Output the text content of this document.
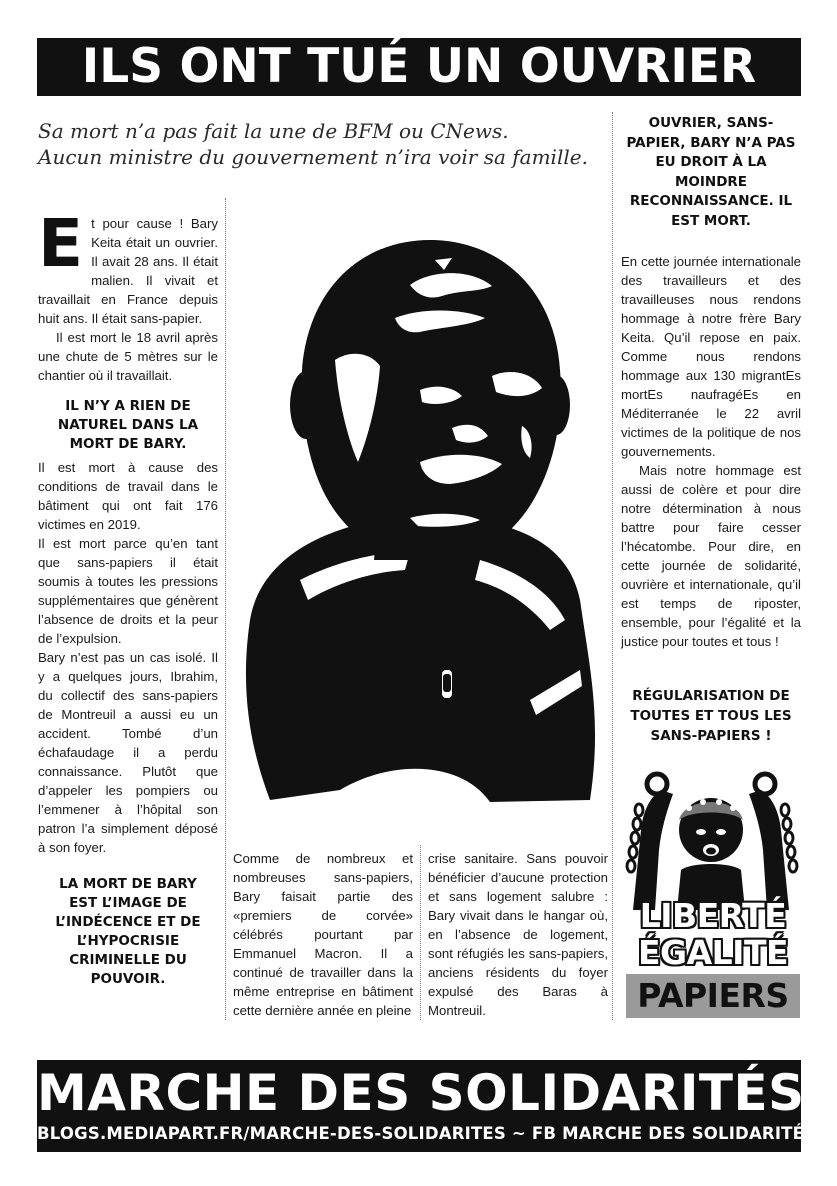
ILS ONT TUÉ UN OUVRIER
Sa mort n’a pas fait la une de BFM ou CNews.
Aucun ministre du gouvernement n’ira voir sa famille.

E t pour cause ! Bary Keita était un ouvrier. Il avait 28 ans. Il était malien. Il vivait et travaillait en France depuis huit ans. Il était sans-papier.

Il est mort le 18 avril après une chute de 5 mètres sur le chantier où il travaillait.

IL N’Y A RIEN DE NATUREL DANS LA MORT DE BARY.

Il est mort à cause des conditions de travail dans le bâtiment qui ont fait 176 victimes en 2019.

Il est mort parce qu’en tant que sans-papiers il était soumis à toutes les pressions supplémentaires que génèrent l’absence de droits et la peur de l’expulsion.

Bary n’est pas un cas isolé. Il y a quelques jours, Ibrahim, du collectif des sans-papiers de Montreuil a aussi eu un accident. Tombé d’un échafaudage il a perdu connaissance. Plutôt que d’appeler les pompiers ou l’emmener à l’hôpital son patron l’a simplement déposé à son foyer.

LA MORT DE BARY EST L’IMAGE DE L’INDÉCENCE ET DE L’HYPOCRISIE CRIMINELLE DU POUVOIR.

Comme de nombreux et nombreuses sans-papiers, Bary faisait partie des «premiers de corvée» célébrés pourtant par Emmanuel Macron. Il a continué de travailler dans la même entreprise en bâtiment cette dernière année en pleine

crise sanitaire. Sans pouvoir bénéficier d’aucune protection et sans logement salubre : Bary vivait dans le hangar où, en l’absence de logement, sont réfugiés les sans-papiers, anciens résidents du foyer expulsé des Baras à Montreuil.

OUVRIER, SANS-PAPIER, BARY N’A PAS EU DROIT À LA MOINDRE RECONNAISSANCE. IL EST MORT.

En cette journée internationale des travailleurs et des travailleuses nous rendons hommage à notre frère Bary Keita. Qu’il repose en paix. Comme nous rendons hommage aux 130 migrantEs mortEs naufragéEs en Méditerranée le 22 avril victimes de la politique de nos gouvernements.

Mais notre hommage est aussi de colère et pour dire notre détermination à nous battre pour faire cesser l’hécatombe. Pour dire, en cette journée de solidarité, ouvrière et internationale, qu’il est temps de riposter, ensemble, pour l’égalité et la justice pour toutes et tous !

RÉGULARISATION DE TOUTES ET TOUS LES SANS-PAPIERS !
LIBERTÉ
ÉGALITÉ
PAPIERS
MARCHE DES SOLIDARITÉS
BLOGS.MEDIAPART.FR/MARCHE-DES-SOLIDARITES ~ FB MARCHE DES SOLIDARITÉS
